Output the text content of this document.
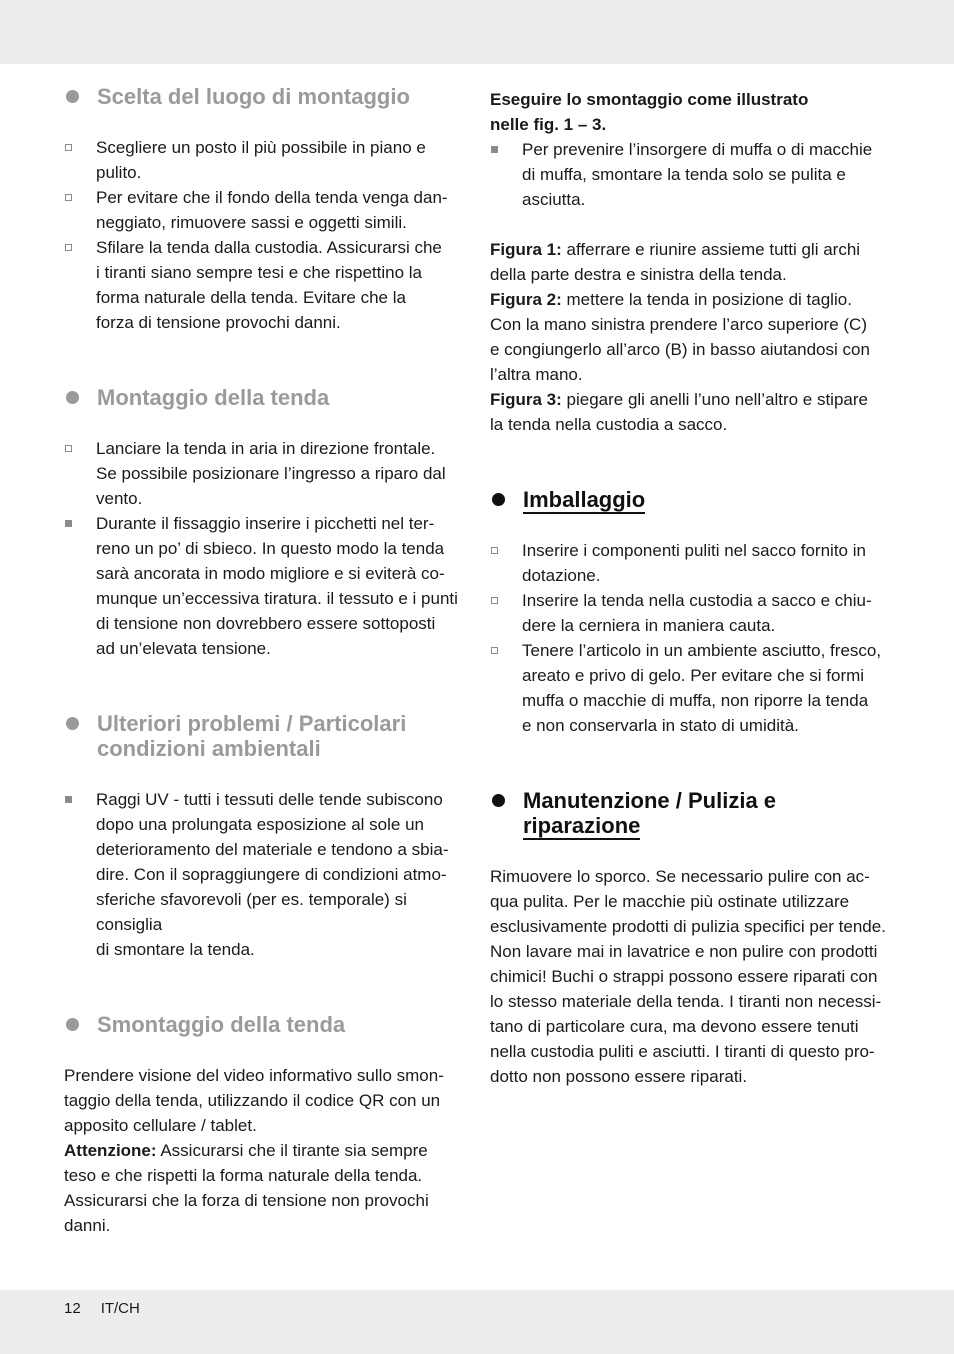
Scelta del luogo di montaggio
Scegliere un posto il più possibile in piano e
pulito.
Per evitare che il fondo della tenda venga dan-
neggiato, rimuovere sassi e oggetti simili.
Sfilare la tenda dalla custodia. Assicurarsi che
i tiranti siano sempre tesi e che rispettino la
forma naturale della tenda. Evitare che la
forza di tensione provochi danni.
Montaggio della tenda
Lanciare la tenda in aria in direzione frontale.
Se possibile posizionare l’ingresso a riparo dal
vento.
Durante il fissaggio inserire i picchetti nel ter-
reno un po’ di sbieco. In questo modo la tenda
sarà ancorata in modo migliore e si eviterà co-
munque un’eccessiva tiratura. il tessuto e i punti
di tensione non dovrebbero essere sottoposti
ad un’elevata tensione.
Ulteriori problemi / Particolari
condizioni ambientali
Raggi UV - tutti i tessuti delle tende subiscono
dopo una prolungata esposizione al sole un
deterioramento del materiale e tendono a sbia-
dire. Con il sopraggiungere di condizioni atmo-
sferiche sfavorevoli (per es. temporale) si consiglia
di smontare la tenda.
Smontaggio della tenda

Prendere visione del video informativo sullo smon-
taggio della tenda, utilizzando il codice QR con un
apposito cellulare / tablet.
Attenzione: Assicurarsi che il tirante sia sempre
teso e che rispetti la forma naturale della tenda.
Assicurarsi che la forza di tensione non provochi
danni.

Eseguire lo smontaggio come illustrato
nelle fig. 1 – 3.

Per prevenire l’insorgere di muffa o di macchie
di muffa, smontare la tenda solo se pulita e
asciutta.

Figura 1: afferrare e riunire assieme tutti gli archi
della parte destra e sinistra della tenda.
Figura 2: mettere la tenda in posizione di taglio.
Con la mano sinistra prendere l’arco superiore (C)
e congiungerlo all’arco (B) in basso aiutandosi con
l’altra mano.
Figura 3: piegare gli anelli l’uno nell’altro e stipare
la tenda nella custodia a sacco.

Imballaggio
Inserire i componenti puliti nel sacco fornito in
dotazione.
Inserire la tenda nella custodia a sacco e chiu-
dere la cerniera in maniera cauta.
Tenere l’articolo in un ambiente asciutto, fresco,
areato e privo di gelo. Per evitare che si formi
muffa o macchie di muffa, non riporre la tenda
e non conservarla in stato di umidità.
Manutenzione / Pulizia e
riparazione

Rimuovere lo sporco. Se necessario pulire con ac-
qua pulita. Per le macchie più ostinate utilizzare
esclusivamente prodotti di pulizia specifici per tende.
Non lavare mai in lavatrice e non pulire con prodotti
chimici! Buchi o strappi possono essere riparati con
lo stesso materiale della tenda. I tiranti non necessi-
tano di particolare cura, ma devono essere tenuti
nella custodia puliti e asciutti. I tiranti di questo pro-
dotto non possono essere riparati.

12 IT/CH
